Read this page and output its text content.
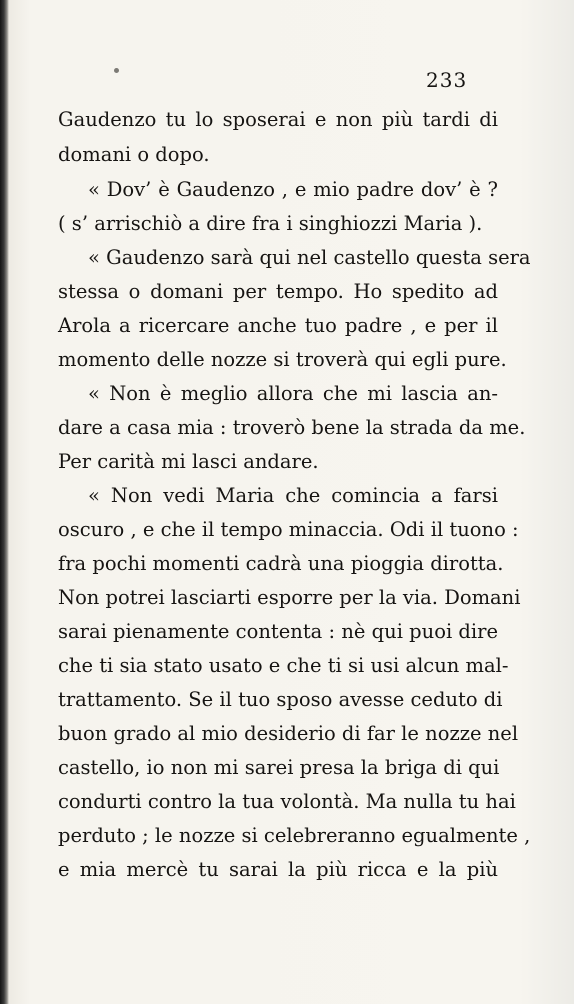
233
Gaudenzo tu lo sposerai e non più tardi di
domani o dopo.
« Dov’ è Gaudenzo , e mio padre dov’ è ?
( s’ arrischiò a dire fra i singhiozzi Maria ).
« Gaudenzo sarà qui nel castello questa sera
stessa o domani per tempo. Ho spedito ad
Arola a ricercare anche tuo padre , e per il
momento delle nozze si troverà qui egli pure.
« Non è meglio allora che mi lascia an-
dare a casa mia : troverò bene la strada da me.
Per carità mi lasci andare.
« Non vedi Maria che comincia a farsi
oscuro , e che il tempo minaccia. Odi il tuono :
fra pochi momenti cadrà una pioggia dirotta.
Non potrei lasciarti esporre per la via. Domani
sarai pienamente contenta : nè qui puoi dire
che ti sia stato usato e che ti si usi alcun mal-
trattamento. Se il tuo sposo avesse ceduto di
buon grado al mio desiderio di far le nozze nel
castello, io non mi sarei presa la briga di qui
condurti contro la tua volontà. Ma nulla tu hai
perduto ; le nozze si celebreranno egualmente ,
e mia mercè tu sarai la più ricca e la più
